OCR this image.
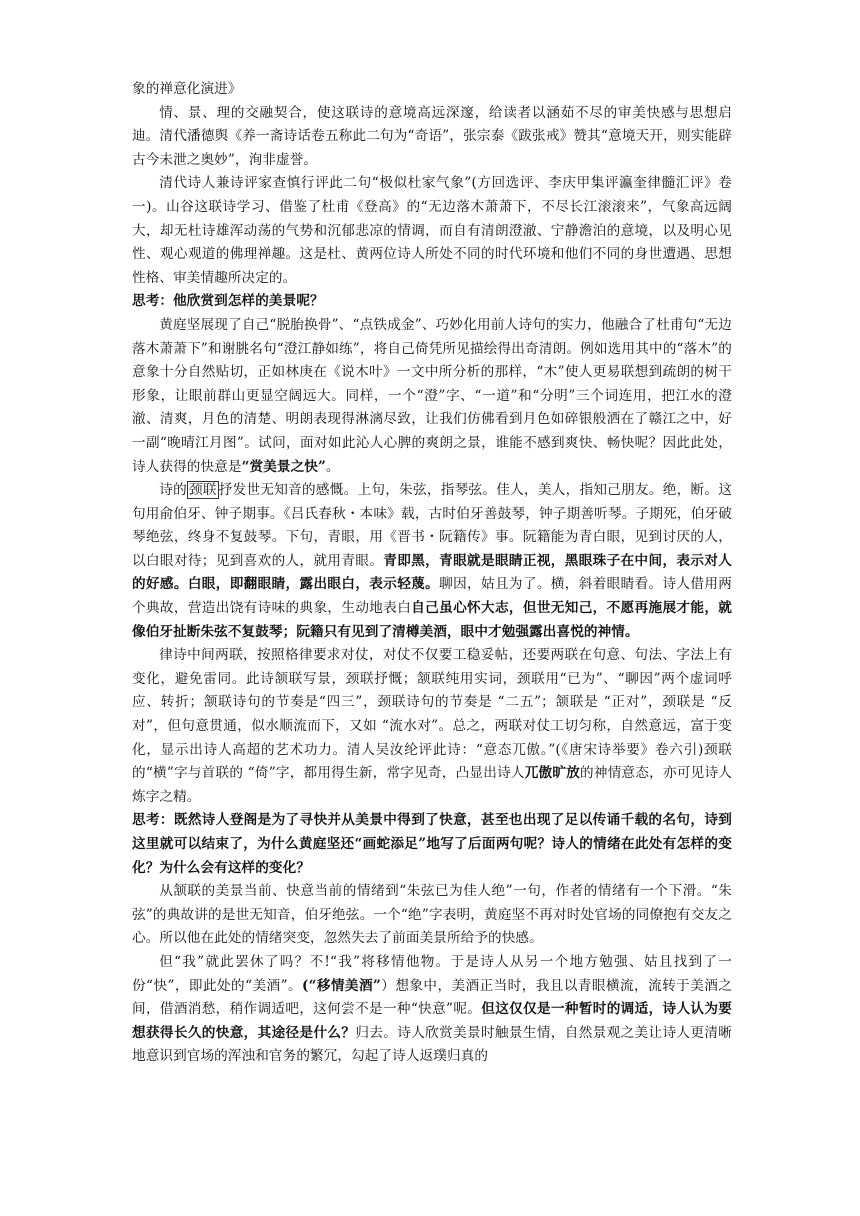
象的禅意化演进》

情、景、理的交融契合，使这联诗的意境高远深邃，给读者以涵茹不尽的审美快感与思想启迪。清代潘德舆《养一斋诗话卷五称此二句为“奇语”，张宗泰《跋张戒》赞其“意境天开，则实能辟古今未泄之奥妙”，洵非虚誉。

清代诗人兼诗评家查慎行评此二句“极似杜家气象”(方回选评、李庆甲集评瀛奎律髓汇评》卷一)。山谷这联诗学习、借鉴了杜甫《登高》的“无边落木萧萧下，不尽长江滚滚来”，气象高远阔大，却无杜诗雄浑动荡的气势和沉郁悲凉的情调，而自有清朗澄澈、宁静澹泊的意境，以及明心见性、观心观道的佛理禅趣。这是杜、黄两位诗人所处不同的时代环境和他们不同的身世遭遇、思想性格、审美情趣所决定的。

思考：他欣赏到怎样的美景呢？

黄庭坚展现了自己“脱胎换骨”、“点铁成金”、巧妙化用前人诗句的实力，他融合了杜甫句“无边落木萧萧下”和谢朓名句“澄江静如练”，将自己倚凭所见描绘得出奇清朗。例如选用其中的“落木”的意象十分自然贴切，正如林庚在《说木叶》一文中所分析的那样，“木”使人更易联想到疏朗的树干形象，让眼前群山更显空阔远大。同样，一个“澄”字、“一道”和“分明”三个词连用，把江水的澄澈、清爽，月色的清楚、明朗表现得淋漓尽致，让我们仿佛看到月色如碎银般洒在了赣江之中，好一副“晚晴江月图”。试问，面对如此沁人心脾的爽朗之景，谁能不感到爽快、畅快呢？因此此处，诗人获得的快意是“赏美景之快”。

诗的 颈联 抒发世无知音的感慨。上句，朱弦，指琴弦。佳人，美人，指知己朋友。绝，断。这句用俞伯牙、钟子期事。《吕氏春秋・本味》载，古时伯牙善鼓琴，钟子期善听琴。子期死，伯牙破琴绝弦，终身不复鼓琴。下句，青眼，用《晋书・阮籍传》事。阮籍能为青白眼，见到讨厌的人，以白眼对待；见到喜欢的人，就用青眼。青即黑，青眼就是眼睛正视，黑眼珠子在中间，表示对人的好感。白眼，即翻眼睛，露出眼白，表示轻蔑。聊因，姑且为了。横，斜着眼睛看。诗人借用两个典故，营造出饶有诗味的典象，生动地表白自己虽心怀大志，但世无知己，不愿再施展才能，就像伯牙扯断朱弦不复鼓琴；阮籍只有见到了清樽美酒，眼中才勉强露出喜悦的神情。

律诗中间两联，按照格律要求对仗，对仗不仅要工稳妥帖，还要两联在句意、句法、字法上有变化，避免雷同。此诗颔联写景，颈联抒慨；颔联纯用实词，颈联用“已为”、“聊因”两个虚词呼应、转折；颔联诗句的节奏是“四三”，颈联诗句的节奏是 “二五”；颔联是 “正对”，颈联是 “反对”，但句意贯通，似水顺流而下，又如 “流水对”。总之，两联对仗工切匀称，自然意远，富于变化，显示出诗人高超的艺术功力。清人吴汝纶评此诗：“意态兀傲。”(《唐宋诗举要》卷六引)颈联的“横”字与首联的 “倚”字，都用得生新，常字见奇，凸显出诗人兀傲旷放的神情意态，亦可见诗人炼字之精。

思考：既然诗人登阁是为了寻快并从美景中得到了快意，甚至也出现了足以传诵千载的名句，诗到这里就可以结束了，为什么黄庭坚还“画蛇添足”地写了后面两句呢？诗人的情绪在此处有怎样的变化？为什么会有这样的变化？

从颔联的美景当前、快意当前的情绪到“朱弦已为佳人绝”一句，作者的情绪有一个下滑。“朱弦”的典故讲的是世无知音，伯牙绝弦。一个“绝”字表明，黄庭坚不再对时处官场的同僚抱有交友之心。所以他在此处的情绪突变，忽然失去了前面美景所给予的快感。

但“我”就此罢休了吗？不!“我”将移情他物。于是诗人从另一个地方勉强、姑且找到了一份“快”，即此处的“美酒”。(“移情美酒”）想象中，美酒正当时，我且以青眼横流，流转于美酒之间，借酒消愁，稍作调适吧，这何尝不是一种“快意”呢。但这仅仅是一种暂时的调适，诗人认为要想获得长久的快意，其途径是什么？归去。诗人欣赏美景时触景生情，自然景观之美让诗人更清晰地意识到官场的浑浊和官务的繁冗，勾起了诗人返璞归真的
